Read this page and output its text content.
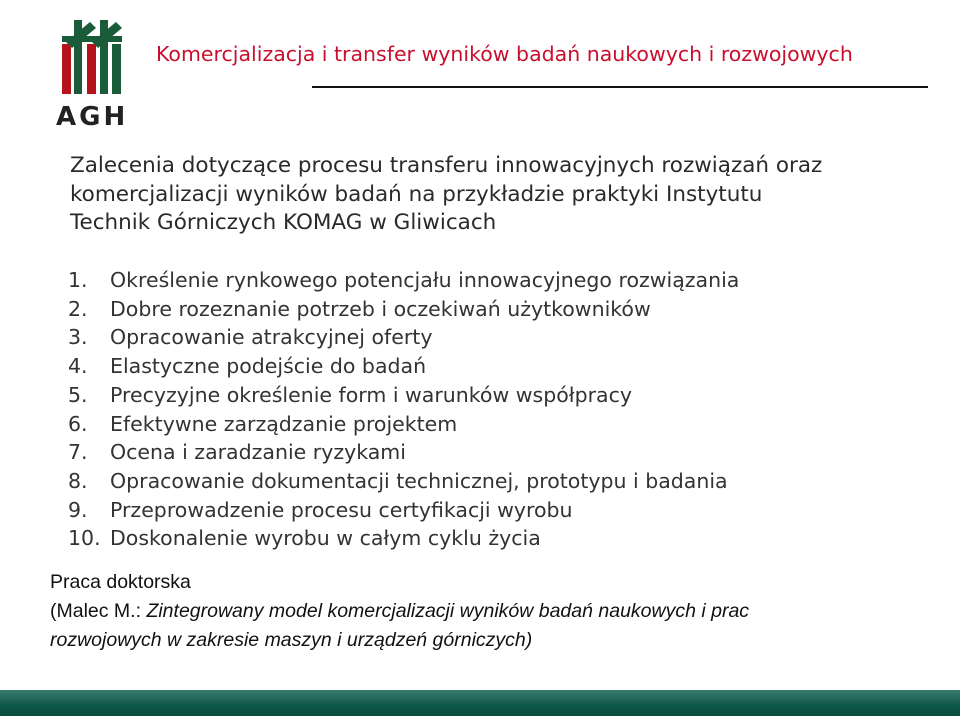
AGH
Komercjalizacja i transfer wyników badań naukowych i rozwojowych
Zalecenia dotyczące procesu transferu innowacyjnych rozwiązań oraz
komercjalizacji wyników badań na przykładzie praktyki Instytutu
Technik Górniczych KOMAG w Gliwicach
1. Określenie rynkowego potencjału innowacyjnego rozwiązania
2. Dobre rozeznanie potrzeb i oczekiwań użytkowników
3. Opracowanie atrakcyjnej oferty
4. Elastyczne podejście do badań
5. Precyzyjne określenie form i warunków współpracy
6. Efektywne zarządzanie projektem
7. Ocena i zaradzanie ryzykami
8. Opracowanie dokumentacji technicznej, prototypu i badania
9. Przeprowadzenie procesu certyfikacji wyrobu
10. Doskonalenie wyrobu w całym cyklu życia
Praca doktorska
(Malec M.: Zintegrowany model komercjalizacji wyników badań naukowych i prac
rozwojowych w zakresie maszyn i urządzeń górniczych)
